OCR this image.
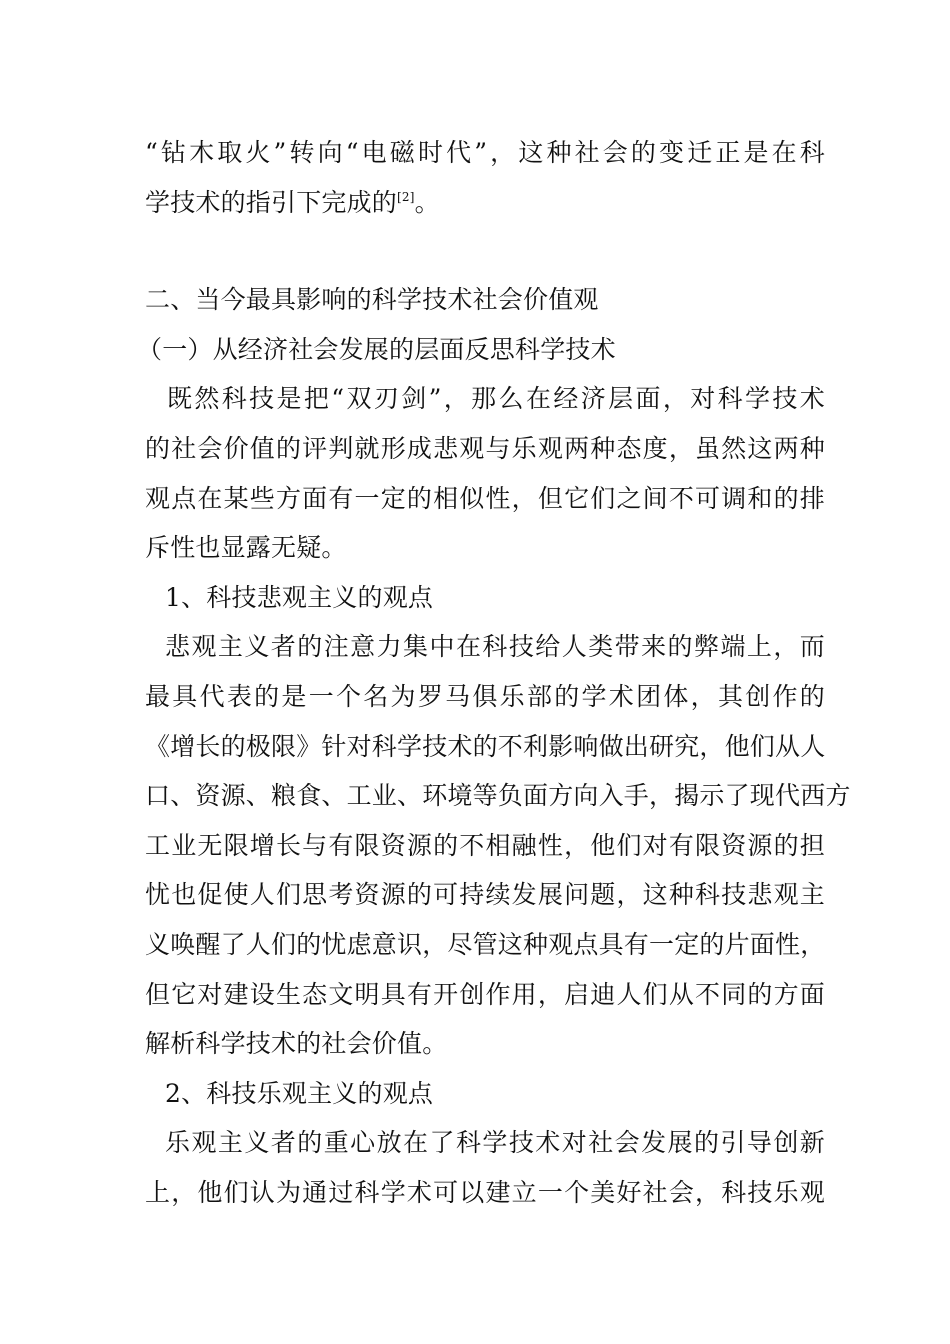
“钻木取火”转向“电磁时代”，这种社会的变迁正是在科
学技术的指引下完成的[2]。
二、当今最具影响的科学技术社会价值观
（一）从经济社会发展的层面反思科学技术
既然科技是把“双刃剑”，那么在经济层面，对科学技术
的社会价值的评判就形成悲观与乐观两种态度，虽然这两种
观点在某些方面有一定的相似性，但它们之间不可调和的排
斥性也显露无疑。
1、科技悲观主义的观点
悲观主义者的注意力集中在科技给人类带来的弊端上，而
最具代表的是一个名为罗马俱乐部的学术团体，其创作的
《增长的极限》针对科学技术的不利影响做出研究，他们从人
口、资源、粮食、工业、环境等负面方向入手，揭示了现代西方
工业无限增长与有限资源的不相融性，他们对有限资源的担
忧也促使人们思考资源的可持续发展问题，这种科技悲观主
义唤醒了人们的忧虑意识，尽管这种观点具有一定的片面性，
但它对建设生态文明具有开创作用，启迪人们从不同的方面
解析科学技术的社会价值。
2、科技乐观主义的观点
乐观主义者的重心放在了科学技术对社会发展的引导创新
上，他们认为通过科学术可以建立一个美好社会，科技乐观
